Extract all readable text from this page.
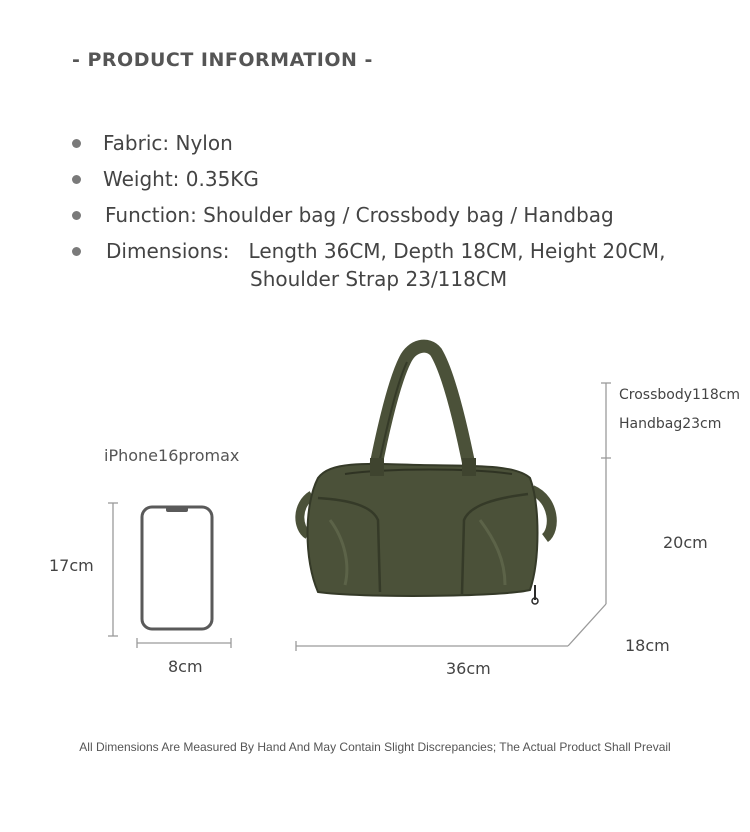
- PRODUCT INFORMATION -
Fabric: Nylon
Weight: 0.35KG
Function: Shoulder bag / Crossbody bag / Handbag
Dimensions:   Length 36CM, Depth 18CM, Height 20CM,
Shoulder Strap 23/118CM
iPhone16promax
17cm
8cm	36cm
20cm
18cm
Crossbody118cm
Handbag23cm
All Dimensions Are Measured By Hand And May Contain Slight Discrepancies; The Actual Product Shall Prevail
